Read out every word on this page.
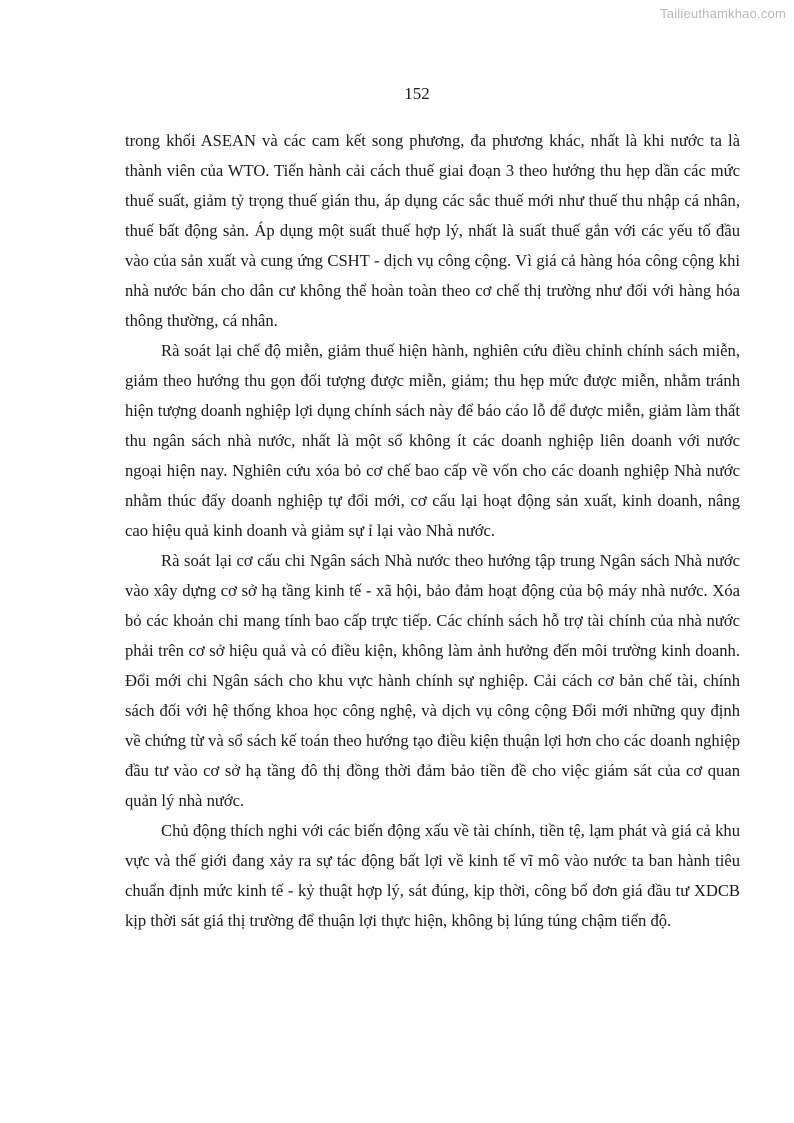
Tailieuthamkhao.com
152

trong khối ASEAN và các cam kết song phương, đa phương khác, nhất là khi nước ta là thành viên của WTO. Tiến hành cải cách thuế giai đoạn 3 theo hướng thu hẹp dần các mức thuế suất, giảm tỷ trọng thuế gián thu, áp dụng các sắc thuế mới như thuế thu nhập cá nhân, thuế bất động sản. Áp dụng một suất thuế hợp lý, nhất là suất thuế gắn với các yếu tố đầu vào của sản xuất và cung ứng CSHT - dịch vụ công cộng. Vì giá cả hàng hóa công cộng khi nhà nước bán cho dân cư không thể hoàn toàn theo cơ chế thị trường như đối với hàng hóa thông thường, cá nhân.

Rà soát lại chế độ miễn, giảm thuế hiện hành, nghiên cứu điều chỉnh chính sách miễn, giảm theo hướng thu gọn đối tượng được miễn, giảm; thu hẹp mức được miễn, nhằm tránh hiện tượng doanh nghiệp lợi dụng chính sách này để báo cáo lỗ để được miễn, giảm làm thất thu ngân sách nhà nước, nhất là một số không ít các doanh nghiệp liên doanh với nước ngoại hiện nay. Nghiên cứu xóa bỏ cơ chế bao cấp về vốn cho các doanh nghiệp Nhà nước nhằm thúc đẩy doanh nghiệp tự đổi mới, cơ cấu lại hoạt động sản xuất, kinh doanh, nâng cao hiệu quả kinh doanh và giảm sự ỉ lại vào Nhà nước.

Rà soát lại cơ cấu chi Ngân sách Nhà nước theo hướng tập trung Ngân sách Nhà nước vào xây dựng cơ sở hạ tầng kinh tế - xã hội, bảo đảm hoạt động của bộ máy nhà nước. Xóa bỏ các khoản chi mang tính bao cấp trực tiếp. Các chính sách hỗ trợ tài chính của nhà nước phải trên cơ sở hiệu quả và có điều kiện, không làm ảnh hưởng đến môi trường kinh doanh. Đổi mới chi Ngân sách cho khu vực hành chính sự nghiệp. Cải cách cơ bản chế tài, chính sách đối với hệ thống khoa học công nghệ, và dịch vụ công cộng Đổi mới những quy định về chứng từ và sổ sách kế toán theo hướng tạo điều kiện thuận lợi hơn cho các doanh nghiệp đầu tư vào cơ sở hạ tầng đô thị đồng thời đảm bảo tiền đề cho việc giám sát của cơ quan quản lý nhà nước.

Chủ động thích nghi với các biến động xấu về tài chính, tiền tệ, lạm phát và giá cả khu vực và thế giới đang xảy ra sự tác động bất lợi về kinh tế vĩ mô vào nước ta ban hành tiêu chuẩn định mức kinh tế - kỷ thuật hợp lý, sát đúng, kịp thời, công bố đơn giá đầu tư XDCB kịp thời sát giá thị trường để thuận lợi thực hiện, không bị lúng túng chậm tiến độ.
